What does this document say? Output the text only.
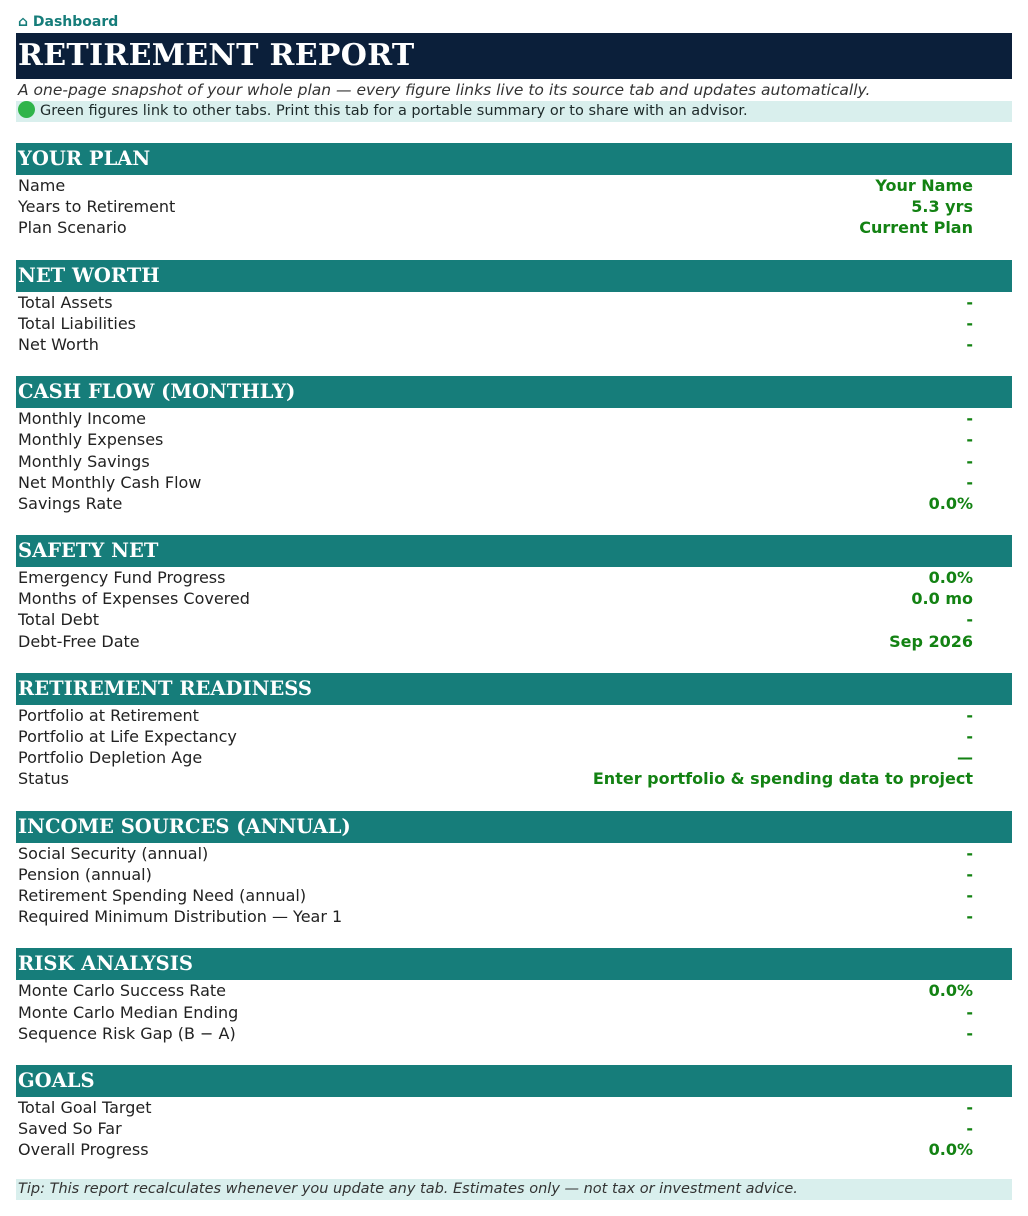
⌂ Dashboard
RETIREMENT REPORT
A one-page snapshot of your whole plan — every figure links live to its source tab and updates automatically.
Green figures link to other tabs. Print this tab for a portable summary or to share with an advisor.
YOUR PLAN
Name	Your Name
Years to Retirement	5.3 yrs
Plan Scenario	Current Plan
NET WORTH
Total Assets	-
Total Liabilities	-
Net Worth	-
CASH FLOW (MONTHLY)
Monthly Income	-
Monthly Expenses	-
Monthly Savings	-
Net Monthly Cash Flow	-
Savings Rate	0.0%
SAFETY NET
Emergency Fund Progress	0.0%
Months of Expenses Covered	0.0 mo
Total Debt	-
Debt-Free Date	Sep 2026
RETIREMENT READINESS
Portfolio at Retirement	-
Portfolio at Life Expectancy	-
Portfolio Depletion Age	—
Status	Enter portfolio & spending data to project
INCOME SOURCES (ANNUAL)
Social Security (annual)	-
Pension (annual)	-
Retirement Spending Need (annual)	-
Required Minimum Distribution — Year 1	-
RISK ANALYSIS
Monte Carlo Success Rate	0.0%
Monte Carlo Median Ending	-
Sequence Risk Gap (B − A)	-
GOALS
Total Goal Target	-
Saved So Far	-
Overall Progress	0.0%
Tip: This report recalculates whenever you update any tab. Estimates only — not tax or investment advice.
